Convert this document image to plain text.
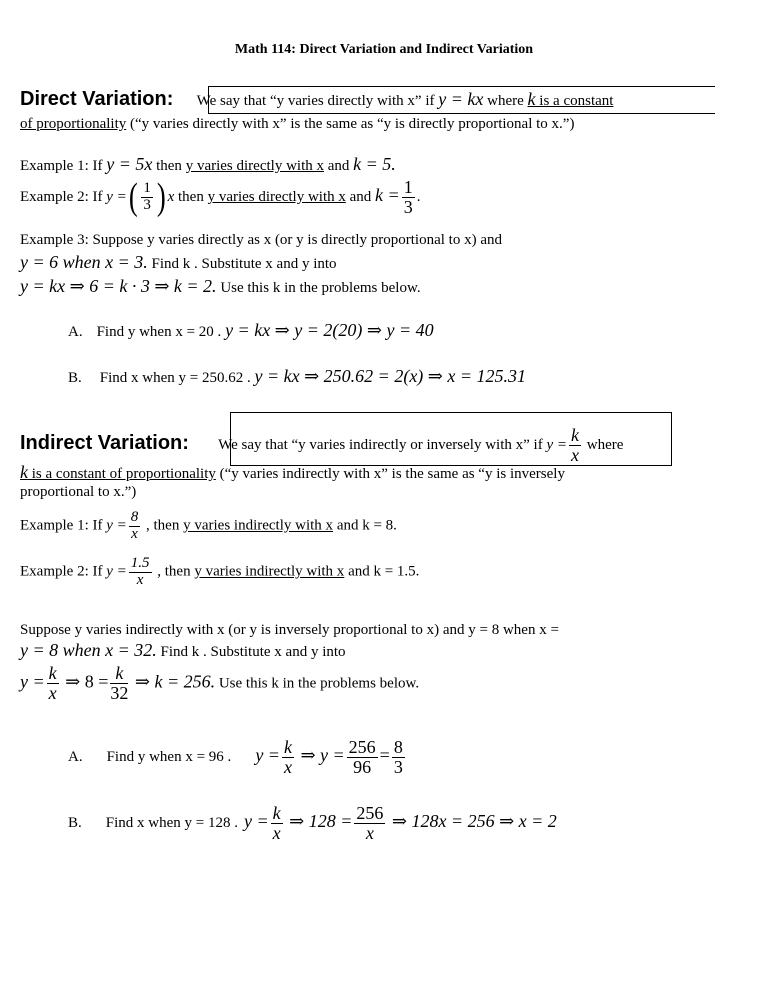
Math 114: Direct Variation and Indirect Variation
Direct Variation: We say that “y varies directly with x” if y = kx where k is a constant
of proportionality (“y varies directly with x” is the same as “y is directly proportional to x.”)
Example 1: If y = 5x then y varies directly with x and k = 5.
Example 2: If y =( $\frac{1}{3}$ ) x then y varies directly with x and $k = \frac{1}{3}$ .
Example 3: Suppose y varies directly as x (or y is directly proportional to x) and
y = 6 when x = 3. Find k . Substitute x and y into
y = kx ⇒ 6 = k · 3 ⇒ k = 2. Use this k in the problems below.
A. Find y when x = 20 . y = kx ⇒ y = 2(20) ⇒ y = 40
B. Find x when y = 250.62 . y = kx ⇒ 250.62 = 2(x) ⇒ x = 125.31
Indirect Variation: We say that “y varies indirectly or inversely with x” if $y = \frac{k}{x}$ where
k is a constant of proportionality (“y varies indirectly with x” is the same as “y is inversely
proportional to x.”)
Example 1: If $y = \frac{8}{x}$ , then y varies indirectly with x and k = 8.
Example 2: If $y = \frac{1.5}{x}$ , then y varies indirectly with x and k = 1.5.
Suppose y varies indirectly with x (or y is inversely proportional to x) and y = 8 when x =
y = 8 when x = 32. Find k . Substitute x and y into
$y = \frac{k}{x}$ ⇒ $8 = \frac{k}{32}$ ⇒ k = 256. Use this k in the problems below.
A. Find y when x = 96 . $y = \frac{k}{x}$ ⇒ $y = \frac{256}{96} = \frac{8}{3}$
B. Find x when y = 128 . $y = \frac{k}{x}$ ⇒ $128 = \frac{256}{x}$ ⇒ 128x = 256 ⇒ x = 2
